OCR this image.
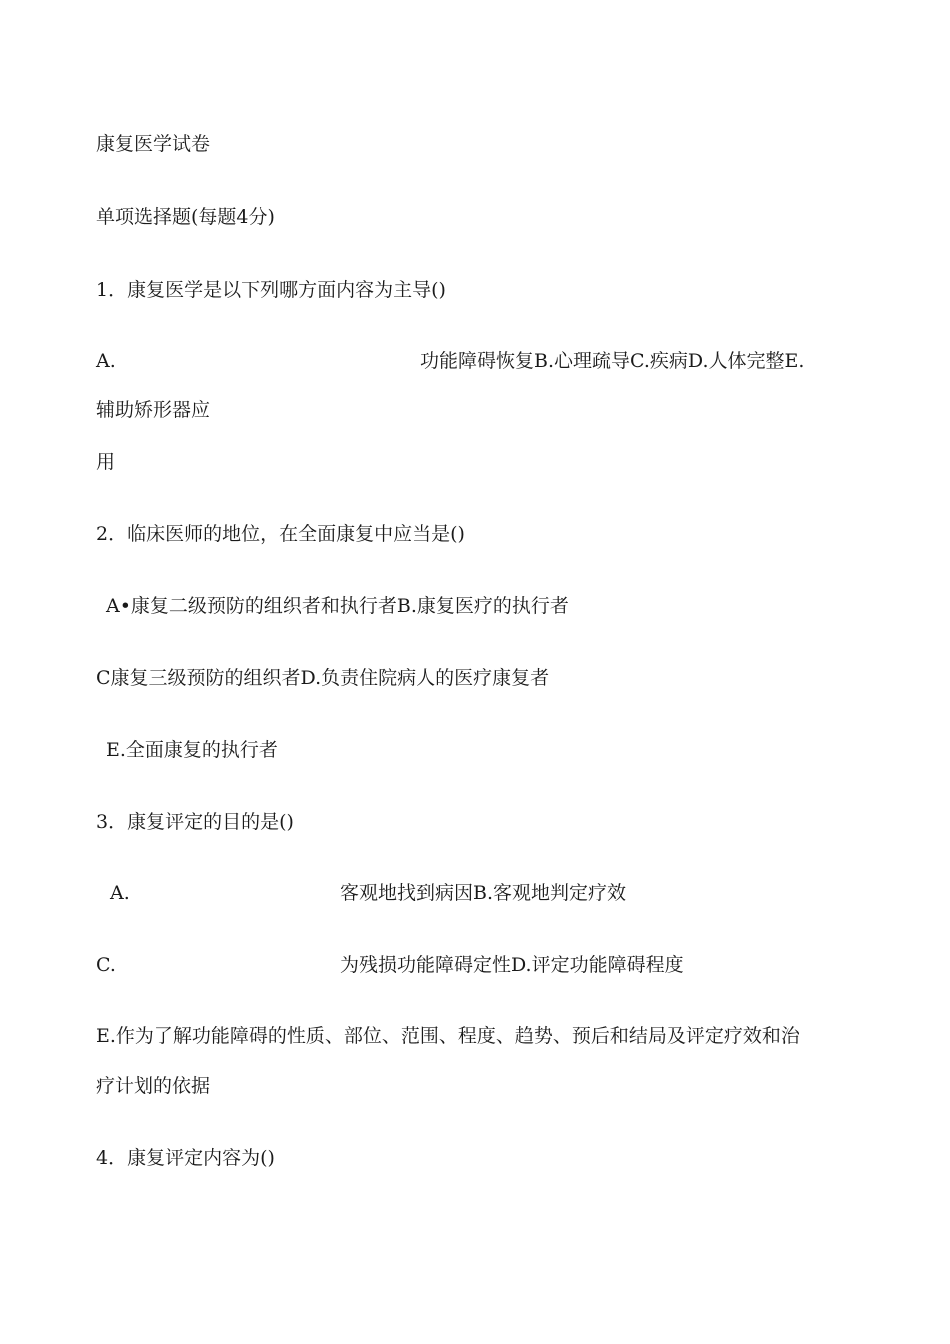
康复医学试卷
单项选择题(每题4分)
1．康复医学是以下列哪方面内容为主导()
A.	功能障碍恢复B.心理疏导C.疾病D.人体完整E.
辅助矫形器应
用
2．临床医师的地位，在全面康复中应当是()
A•康复二级预防的组织者和执行者B.康复医疗的执行者
C康复三级预防的组织者D.负责住院病人的医疗康复者
E.全面康复的执行者
3．康复评定的目的是()
A.	客观地找到病因B.客观地判定疗效
C.	为残损功能障碍定性D.评定功能障碍程度
E.作为了解功能障碍的性质、部位、范围、程度、趋势、预后和结局及评定疗效和治
疗计划的依据
4．康复评定内容为()
